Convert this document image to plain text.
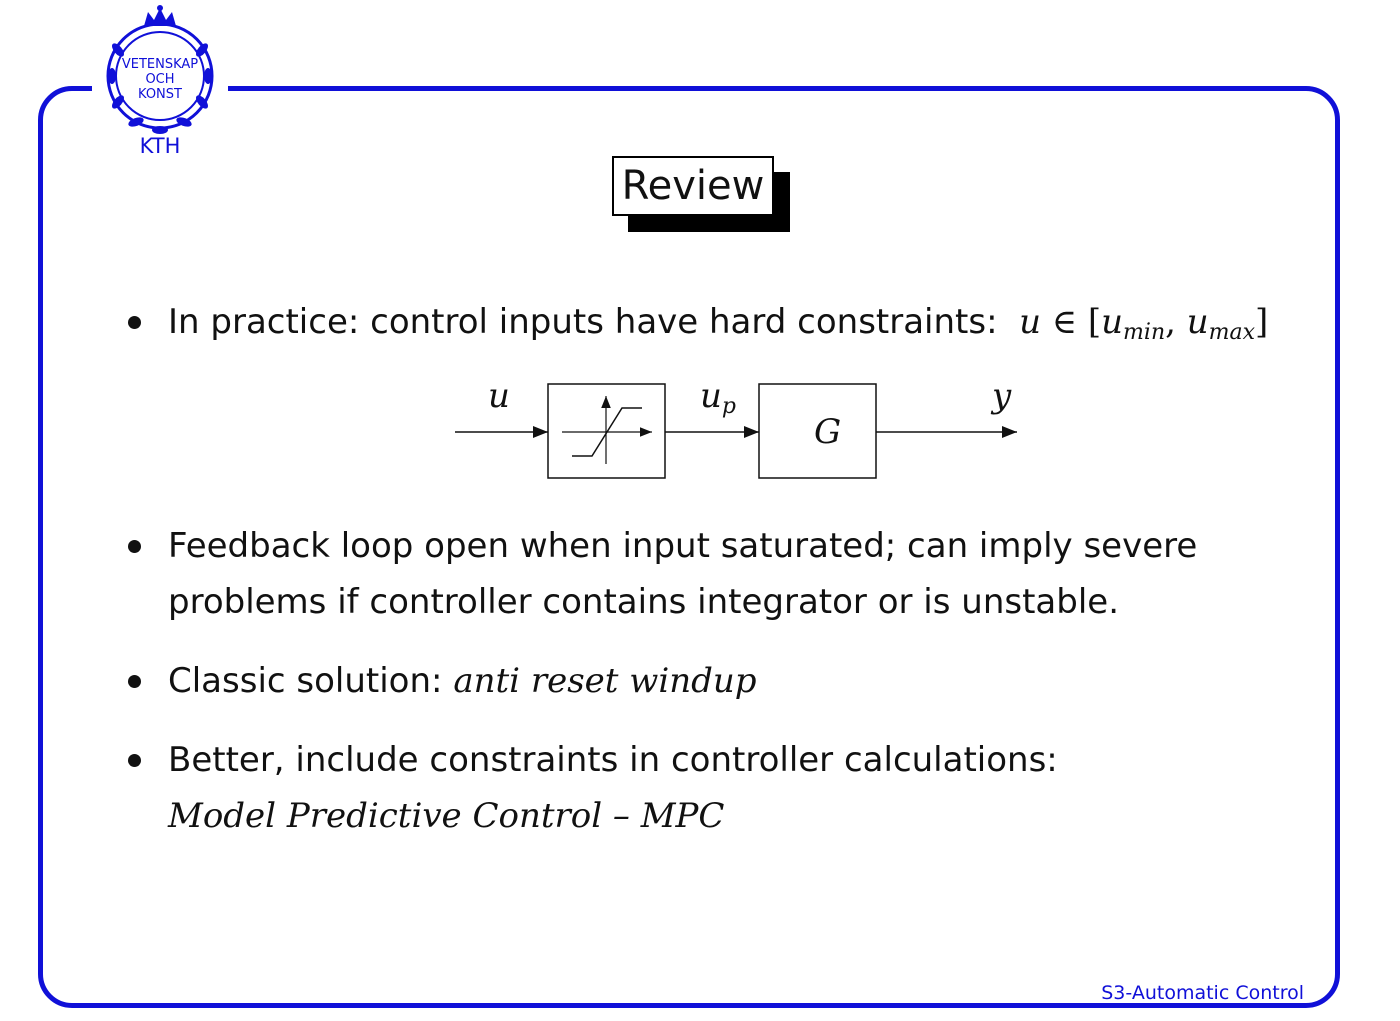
VETENSKAP
OCH
KONST
KTH
Review
In practice: control inputs have hard constraints: u ∈ [$u_{min}$, $u_{max}$]
u	$u_p$
G
y
Feedback loop open when input saturated; can imply severe
problems if controller contains integrator or is unstable.
Classic solution: anti reset windup
Better, include constraints in controller calculations:
Model Predictive Control – MPC
S3-Automatic Control
